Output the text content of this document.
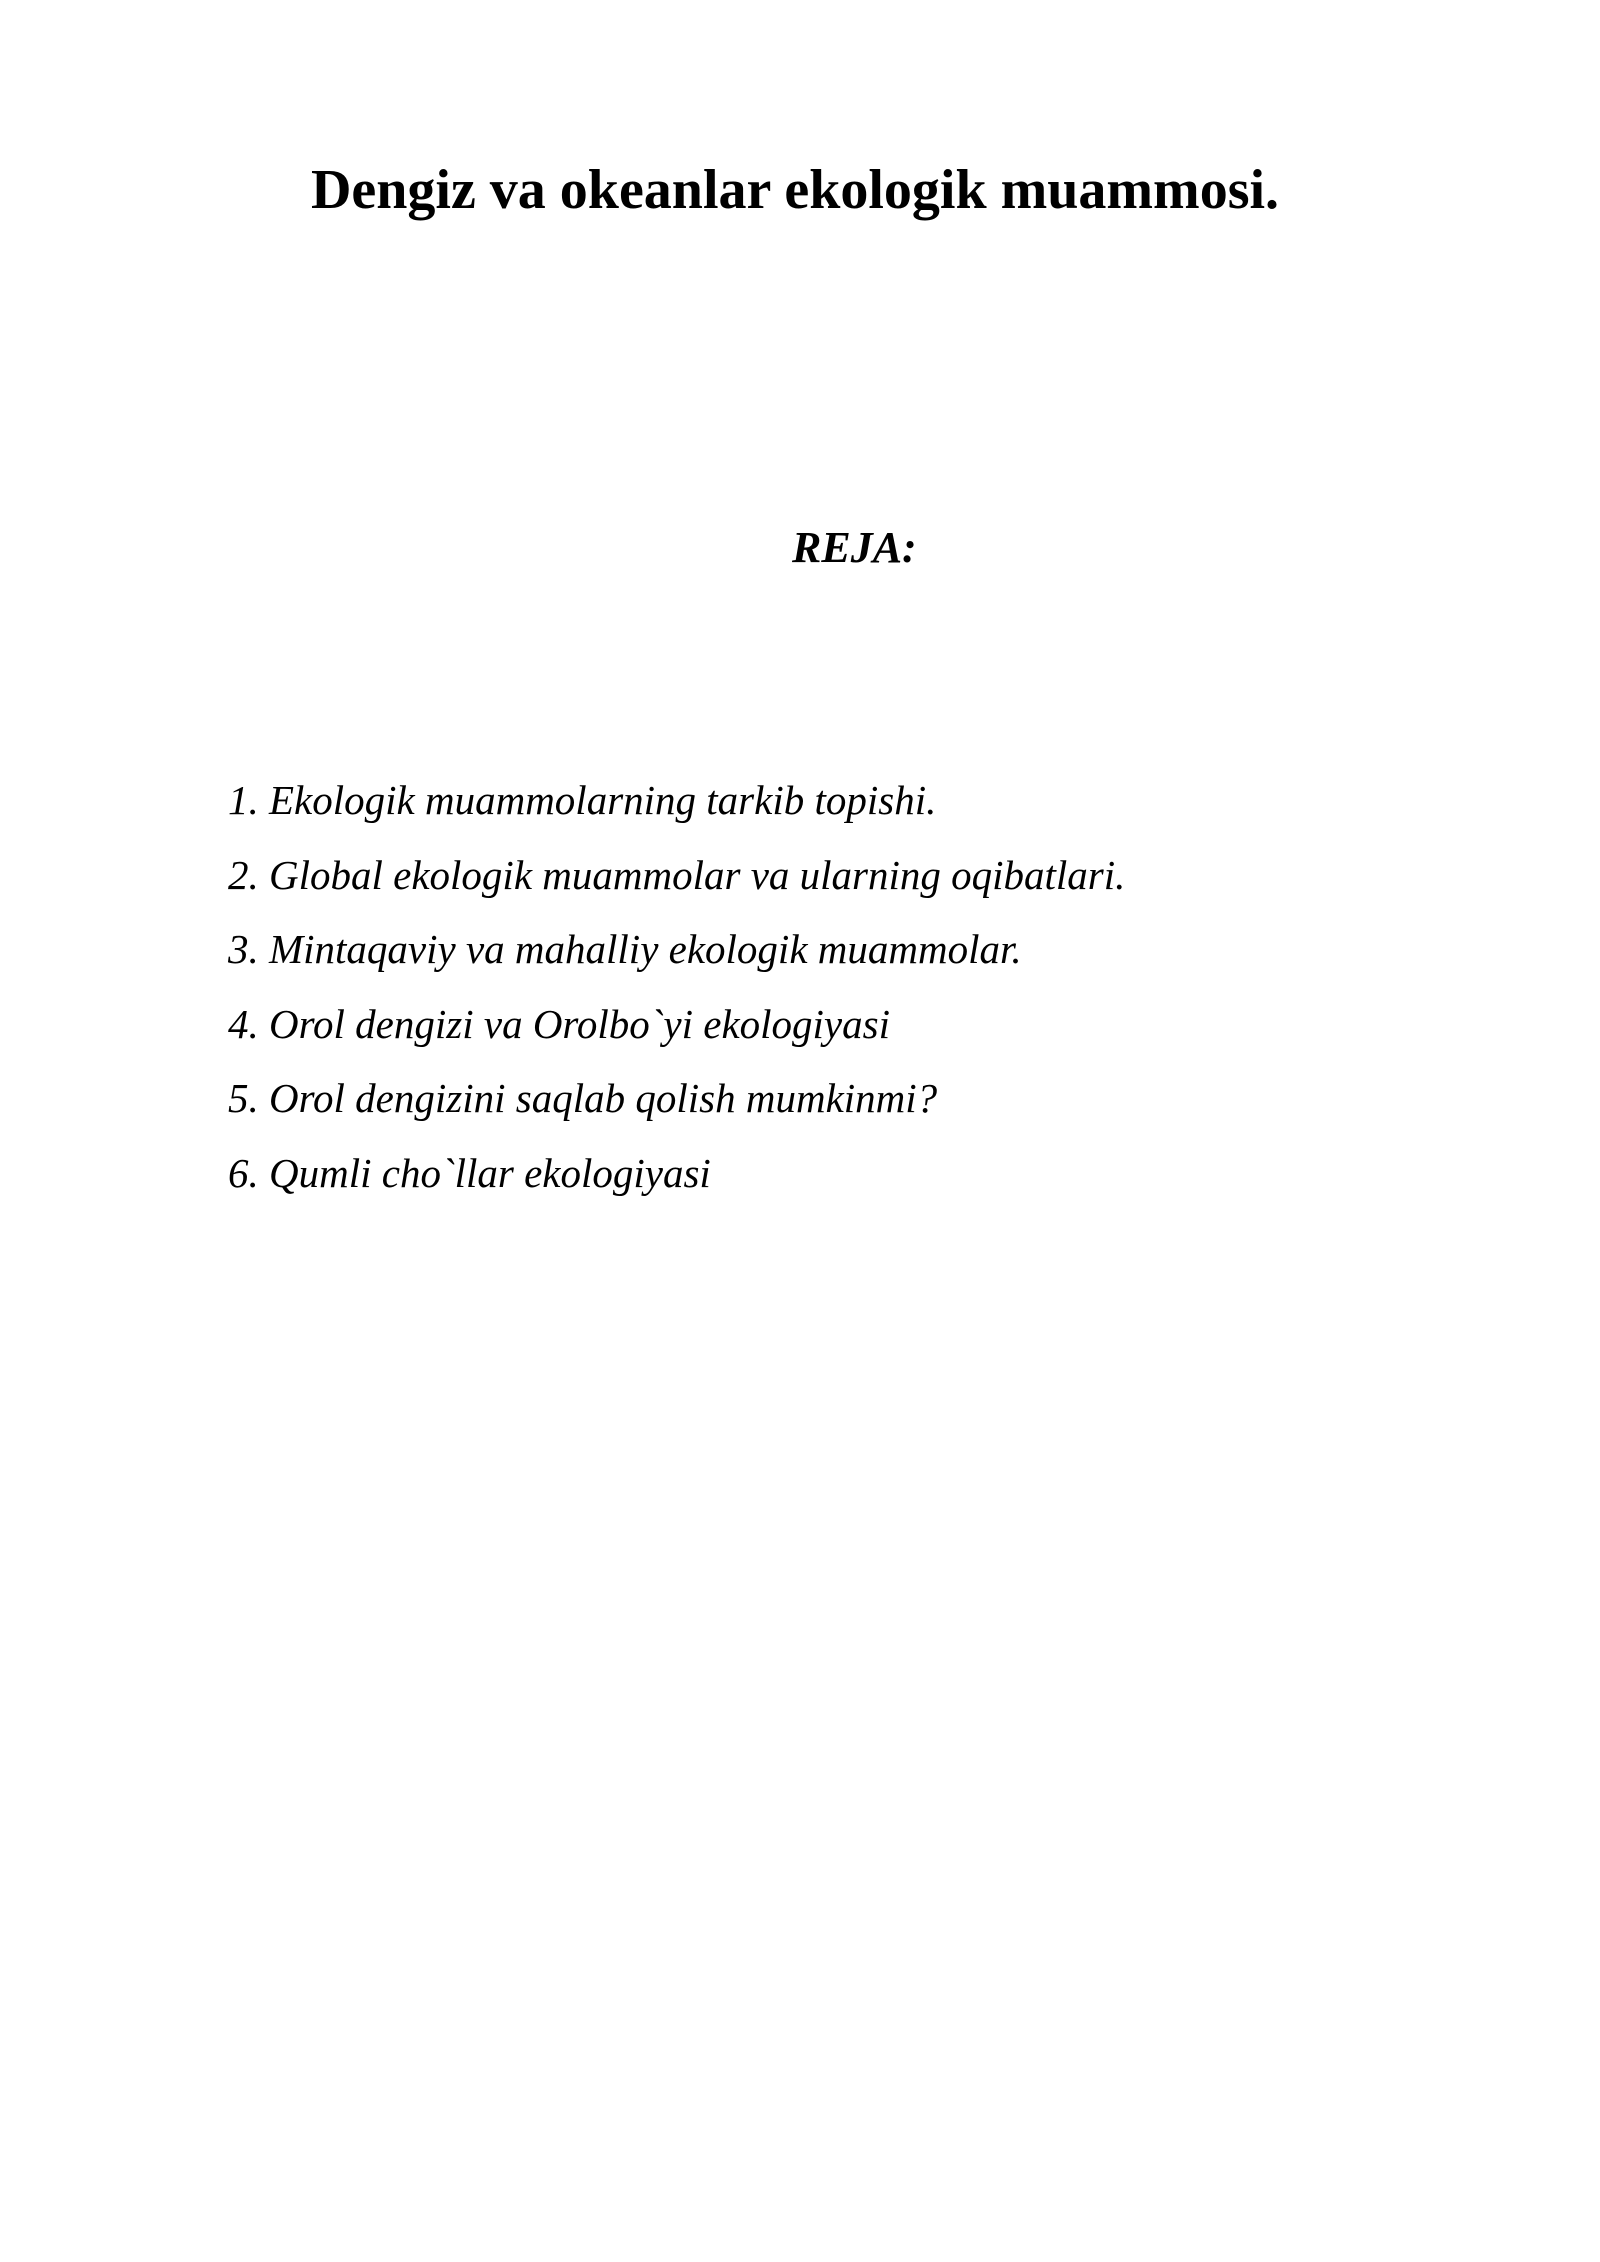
Dengiz va okeanlar ekologik muammosi.
REJA:
1. Ekologik muammolarning tarkib topishi.
2. Global ekologik muammolar va ularning oqibatlari.
3. Mintaqaviy va mahalliy ekologik muammolar.
4. Orol dengizi va Orolbo`yi ekologiyasi
5. Orol dengizini saqlab qolish mumkinmi?
6. Qumli cho`llar ekologiyasi
